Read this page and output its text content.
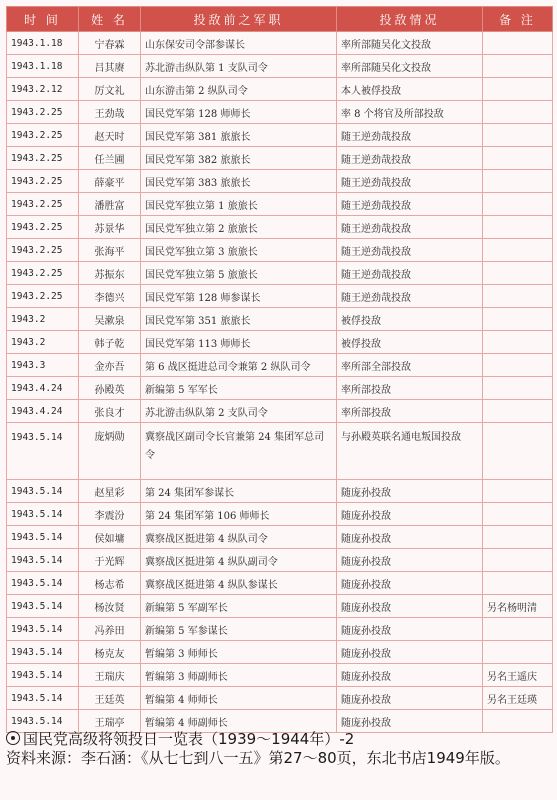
时 间	姓 名	投敌前之军职	投敌情况	备 注
1943.1.18	宁春霖	山东保安司令部参谋长	率所部随吴化文投敌	
1943.1.18	吕其赓	苏北游击纵队第 1 支队司令	率所部随吴化文投敌	
1943.2.12	厉文礼	山东游击第 2 纵队司令	本人被俘投敌	
1943.2.25	王劲哉	国民党军第 128 师师长	率 8 个将官及所部投敌	
1943.2.25	赵天时	国民党军第 381 旅旅长	随王逆劲哉投敌	
1943.2.25	任兰圃	国民党军第 382 旅旅长	随王逆劲哉投敌	
1943.2.25	薛豪平	国民党军第 383 旅旅长	随王逆劲哉投敌	
1943.2.25	潘胜富	国民党军独立第 1 旅旅长	随王逆劲哉投敌	
1943.2.25	苏景华	国民党军独立第 2 旅旅长	随王逆劲哉投敌	
1943.2.25	张海平	国民党军独立第 3 旅旅长	随王逆劲哉投敌	
1943.2.25	苏振东	国民党军独立第 5 旅旅长	随王逆劲哉投敌	
1943.2.25	李德兴	国民党军第 128 师参谋长	随王逆劲哉投敌	
1943.2	吴漱泉	国民党军第 351 旅旅长	被俘投敌	
1943.2	韩子乾	国民党军第 113 师师长	被俘投敌	
1943.3	金亦吾	第 6 战区挺进总司令兼第 2 纵队司令	率所部全部投敌	
1943.4.24	孙殿英	新编第 5 军军长	率所部投敌	
1943.4.24	张良才	苏北游击纵队第 2 支队司令	率所部投敌	
1943.5.14	庞炳勋	冀察战区副司令长官兼第 24 集团军总司令	与孙殿英联名通电叛国投敌	
1943.5.14	赵星彩	第 24 集团军参谋长	随庞孙投敌	
1943.5.14	李震汾	第 24 集团军第 106 师师长	随庞孙投敌	
1943.5.14	侯如墉	冀察战区挺进第 4 纵队司令	随庞孙投敌	
1943.5.14	于光辉	冀察战区挺进第 4 纵队副司令	随庞孙投敌	
1943.5.14	杨志希	冀察战区挺进第 4 纵队参谋长	随庞孙投敌	
1943.5.14	杨汝贤	新编第 5 军副军长	随庞孙投敌	另名杨明清
1943.5.14	冯养田	新编第 5 军参谋长	随庞孙投敌	
1943.5.14	杨克友	暂编第 3 师师长	随庞孙投敌	
1943.5.14	王瑞庆	暂编第 3 师副师长	随庞孙投敌	另名王遥庆
1943.5.14	王廷英	暂编第 4 师师长	随庞孙投敌	另名王廷瑛
1943.5.14	王瑞亭	暂编第 4 师副师长	随庞孙投敌	
国民党高级将领投日一览表（1939～1944年）-2
资料来源：李石涵：《从七七到八一五》第27～80页，东北书店1949年版。
